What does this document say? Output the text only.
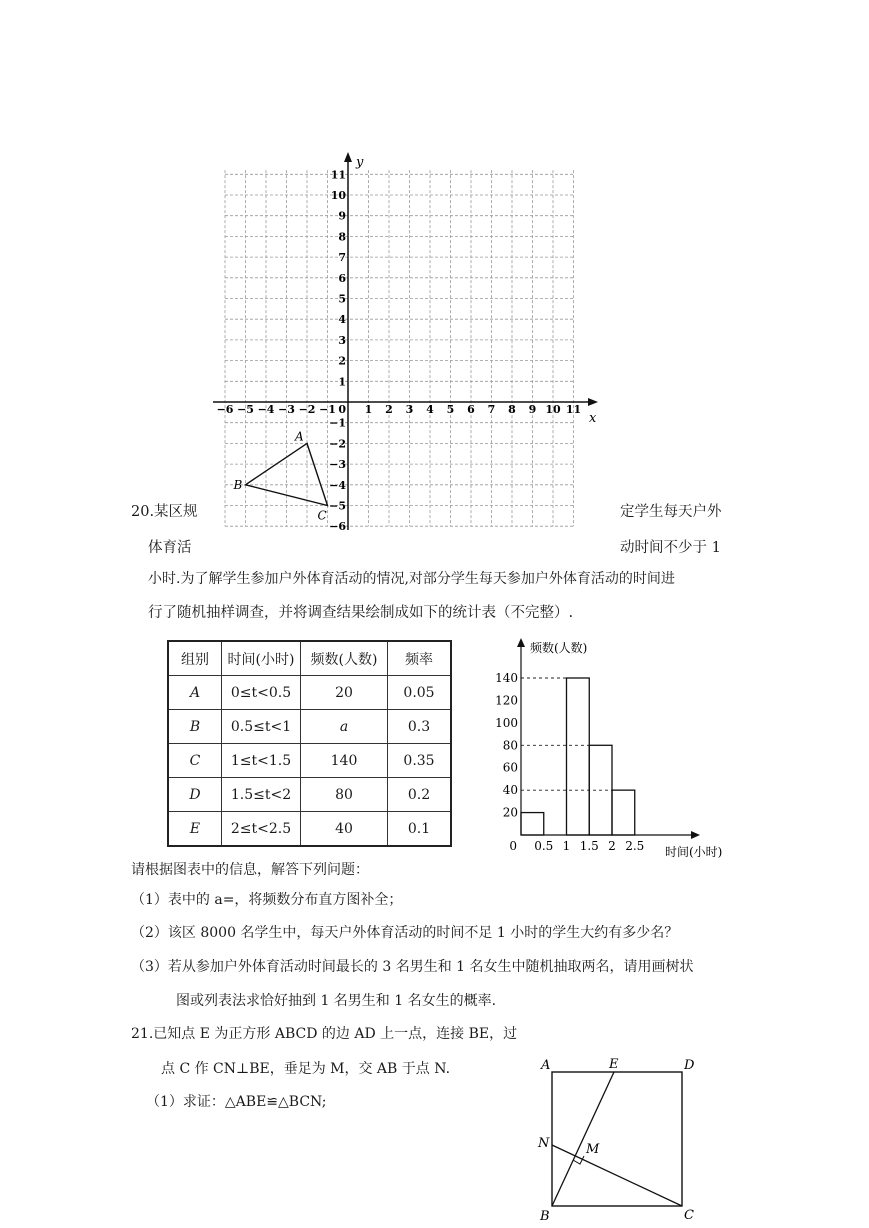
x
y
−6 −5 −4 −3 −2 −1 0 1 2 3 4 5 6 7 8 9 10 11
11
10
9
8
7
6
5
4
3
2
1
−1
−2
−3
−4
−5
−6
A
B
C
20.某区规	定学生每天户外
体育活	动时间不少于 1
小时.为了解学生参加户外体育活动的情况,对部分学生每天参加户外体育活动的时间进
行了随机抽样调查，并将调查结果绘制成如下的统计表（不完整）.
组别	时间(小时)	频数(人数)	频率
A	0≤t<0.5	20	0.05
B	0.5≤t<1	a	0.3
C	1≤t<1.5	140	0.35
D	1.5≤t<2	80	0.2
E	2≤t<2.5	40	0.1
频数(人数)
时间(小时)
20
40
60
80
100
120
140
0 0.5 1 1.5 2 2.5
请根据图表中的信息，解答下列问题：
（1）表中的 a=，将频数分布直方图补全；
（2）该区 8000 名学生中，每天户外体育活动的时间不足 1 小时的学生大约有多少名？
（3）若从参加户外体育活动时间最长的 3 名男生和 1 名女生中随机抽取两名，请用画树状
图或列表法求恰好抽到 1 名男生和 1 名女生的概率.
21.已知点 E 为正方形 ABCD 的边 AD 上一点，连接 BE，过
点 C 作 CN⊥BE，垂足为 M，交 AB 于点 N.
（1）求证：△ABE≌△BCN;
A	E	D
N	M
B	C
